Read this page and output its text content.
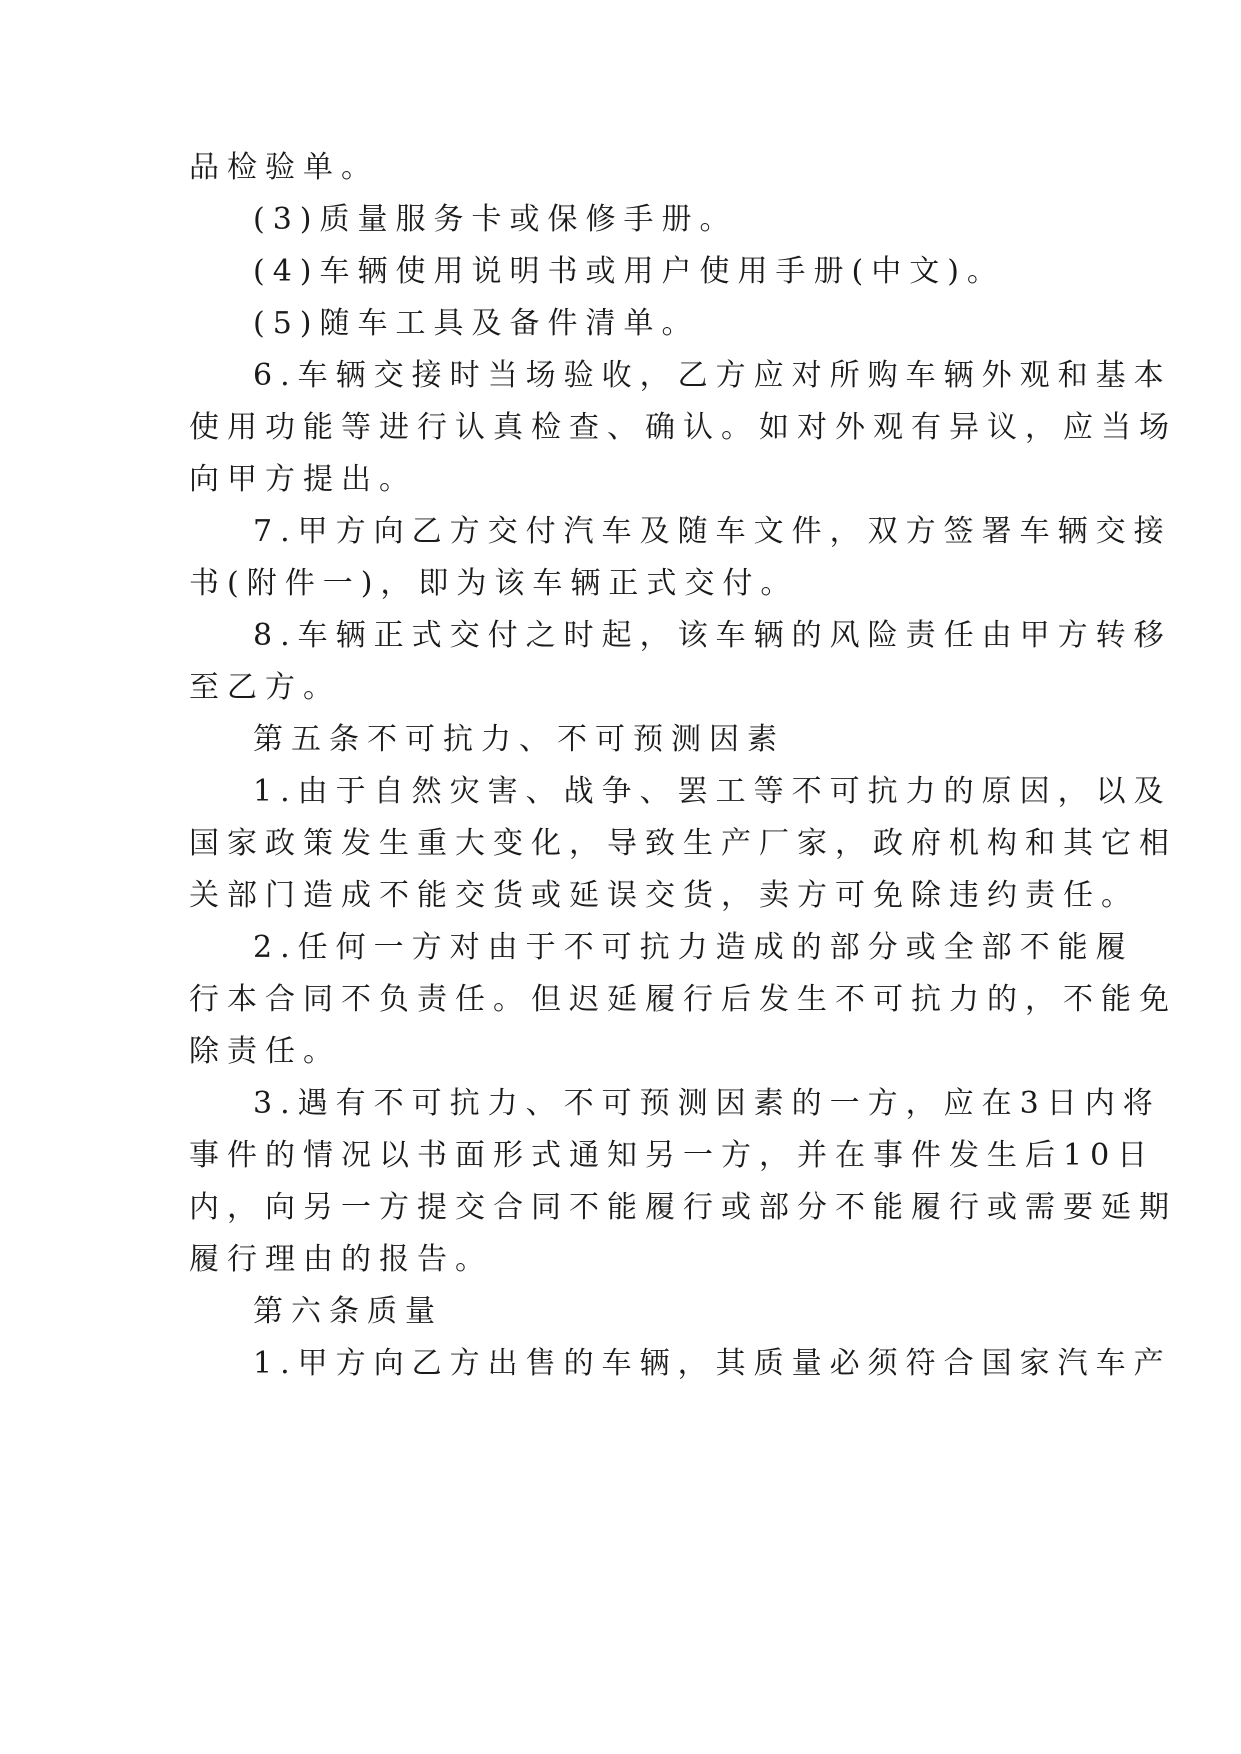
品检验单。
(3)质量服务卡或保修手册。
(4)车辆使用说明书或用户使用手册(中文)。
(5)随车工具及备件清单。
6.车辆交接时当场验收，乙方应对所购车辆外观和基本
使用功能等进行认真检查、确认。如对外观有异议，应当场
向甲方提出。
7.甲方向乙方交付汽车及随车文件，双方签署车辆交接
书(附件一)，即为该车辆正式交付。
8.车辆正式交付之时起，该车辆的风险责任由甲方转移
至乙方。
第五条不可抗力、不可预测因素
1.由于自然灾害、战争、罢工等不可抗力的原因，以及
国家政策发生重大变化，导致生产厂家，政府机构和其它相
关部门造成不能交货或延误交货，卖方可免除违约责任。
2.任何一方对由于不可抗力造成的部分或全部不能履
行本合同不负责任。但迟延履行后发生不可抗力的，不能免
除责任。
3.遇有不可抗力、不可预测因素的一方，应在3日内将
事件的情况以书面形式通知另一方，并在事件发生后10日
内，向另一方提交合同不能履行或部分不能履行或需要延期
履行理由的报告。
第六条质量
1.甲方向乙方出售的车辆，其质量必须符合国家汽车产
